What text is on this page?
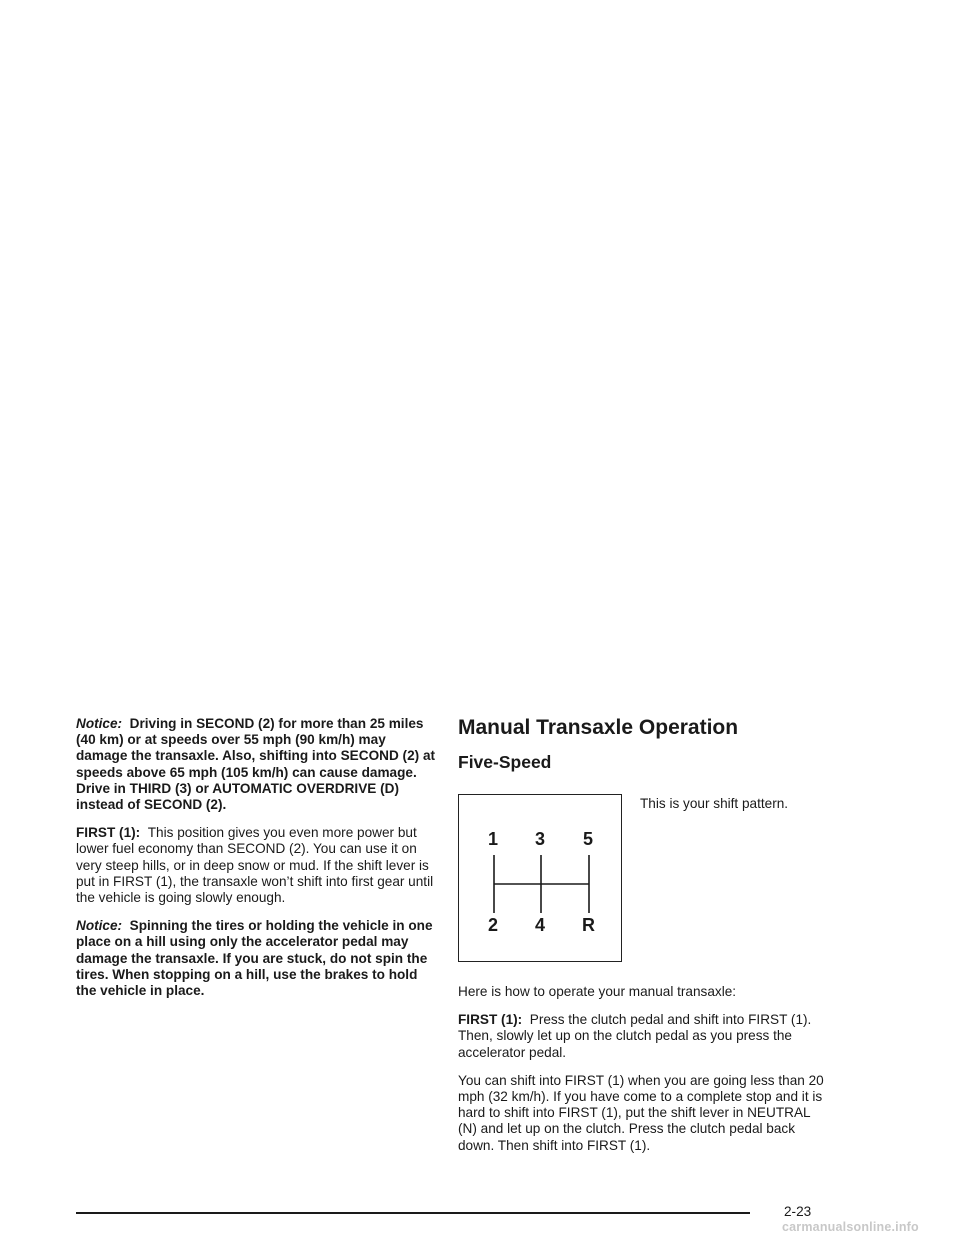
Notice: Driving in SECOND (2) for more than 25 miles (40 km) or at speeds over 55 mph (90 km/h) may damage the transaxle. Also, shifting into SECOND (2) at speeds above 65 mph (105 km/h) can cause damage. Drive in THIRD (3) or AUTOMATIC OVERDRIVE (D) instead of SECOND (2).

FIRST (1): This position gives you even more power but lower fuel economy than SECOND (2). You can use it on very steep hills, or in deep snow or mud. If the shift lever is put in FIRST (1), the transaxle won’t shift into first gear until the vehicle is going slowly enough.

Notice: Spinning the tires or holding the vehicle in one place on a hill using only the accelerator pedal may damage the transaxle. If you are stuck, do not spin the tires. When stopping on a hill, use the brakes to hold the vehicle in place.

Manual Transaxle Operation
Five-Speed
1 3 5
2 4 R
This is your shift pattern.

Here is how to operate your manual transaxle:

FIRST (1): Press the clutch pedal and shift into FIRST (1). Then, slowly let up on the clutch pedal as you press the accelerator pedal.

You can shift into FIRST (1) when you are going less than 20 mph (32 km/h). If you have come to a complete stop and it is hard to shift into FIRST (1), put the shift lever in NEUTRAL (N) and let up on the clutch. Press the clutch pedal back down. Then shift into FIRST (1).

2-23
carmanualsonline.info
